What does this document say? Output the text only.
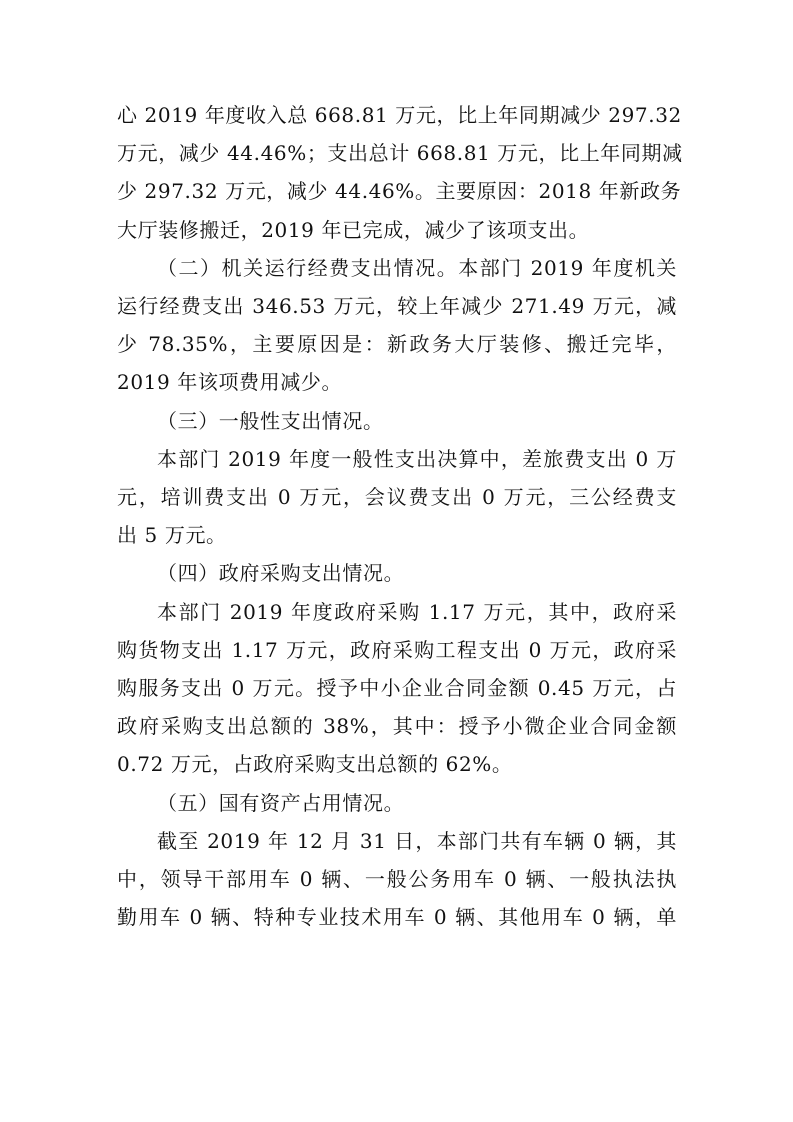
心 2019 年度收入总 668.81 万元，比上年同期减少 297.32
万元，减少 44.46%；支出总计 668.81 万元，比上年同期减
少 297.32 万元，减少 44.46%。主要原因：2018 年新政务
大厅装修搬迁，2019 年已完成，减少了该项支出。

（二）机关运行经费支出情况。本部门 2019 年度机关
运行经费支出 346.53 万元，较上年减少 271.49 万元，减
少 78.35%，主要原因是：新政务大厅装修、搬迁完毕，
2019 年该项费用减少。

（三）一般性支出情况。

本部门 2019 年度一般性支出决算中，差旅费支出 0 万
元，培训费支出 0 万元，会议费支出 0 万元，三公经费支
出 5 万元。

（四）政府采购支出情况。

本部门 2019 年度政府采购 1.17 万元，其中，政府采
购货物支出 1.17 万元，政府采购工程支出 0 万元，政府采
购服务支出 0 万元。授予中小企业合同金额 0.45 万元，占
政府采购支出总额的 38%，其中：授予小微企业合同金额
0.72 万元，占政府采购支出总额的 62%。

（五）国有资产占用情况。

截至 2019 年 12 月 31 日，本部门共有车辆 0 辆，其
中，领导干部用车 0 辆、一般公务用车 0 辆、一般执法执
勤用车 0 辆、特种专业技术用车 0 辆、其他用车 0 辆，单
